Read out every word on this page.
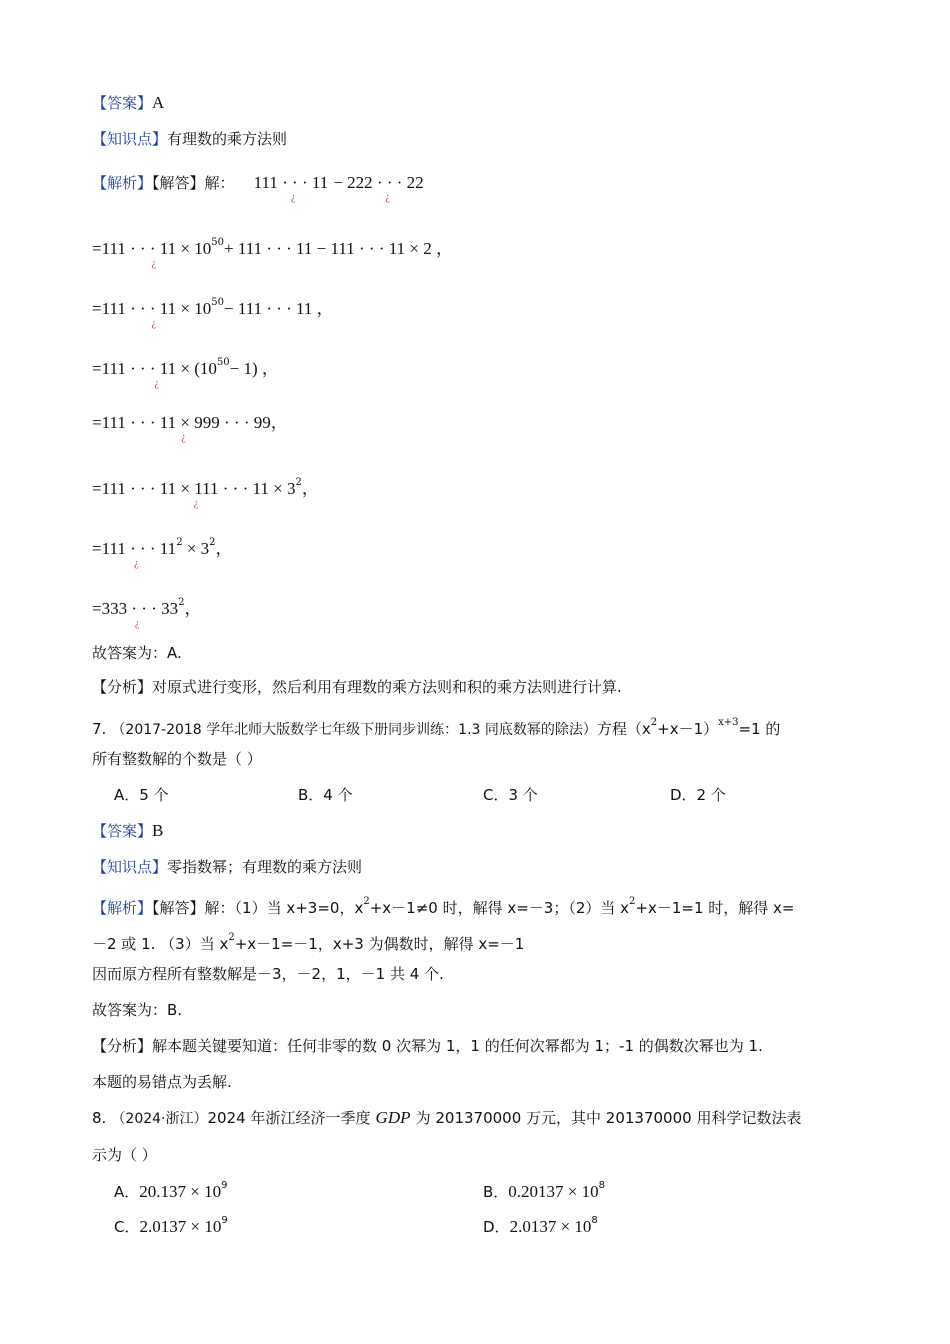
【答案】A
【知识点】有理数的乘方法则
【解析】【解答】解： 111 · · · 11 ¿ − 222 · · · 22 ¿
=111 · · · 11 × 10 ¿$^{50}$+ 111 · · · 11 − 111 · · · 11 × 2 ，
=111 · · · 11 × 10 ¿$^{50}$− 111 · · · 11 ，
=111 · · · 11 × (10 ¿$^{50}$− 1) ，
=111 · · · 11 × 999 · · · 99 ¿，
=111 · · · 11 × 111 · · · 11 × 3 ¿$^2$，
=111 · · · 11 ¿$^2 \times 3^2$，
=333 · · · 33 ¿$^2$，
故答案为：A.
【分析】对原式进行变形，然后利用有理数的乘方法则和积的乘方法则进行计算.
7. （2017-2018 学年北师大版数学七年级下册同步训练：1.3 同底数幂的除法）方程$(x^2+x-1)^{x+3}=1$ 的
所有整数解的个数是（ ）
A．5 个	B．4 个	C．3 个	D．2 个
【答案】B
【知识点】零指数幂；有理数的乘方法则
【解析】【解答】解：（1）当 x+3=0，$x^2+x-1\ne 0$ 时，解得 x=－3；（2）当 $x^2+x-1=1$ 时，解得 x=
－2 或 1. （3）当 $x^2+x-1=-1$，x+3 为偶数时，解得 x=－1
因而原方程所有整数解是－3，－2，1，－1 共 4 个.
故答案为：B.
【分析】解本题关键要知道：任何非零的数 0 次幂为 1，1 的任何次幂都为 1；-1 的偶数次幂也为 1.
本题的易错点为丢解.
8. （2024·浙江）2024 年浙江经济一季度 GDP 为 201370000 万元，其中 201370000 用科学记数法表
示为（ ）
A．$20.137 \times 10^9$	B．$0.20137 \times 10^8$
C．$2.0137 \times 10^9$	D．$2.0137 \times 10^8$
